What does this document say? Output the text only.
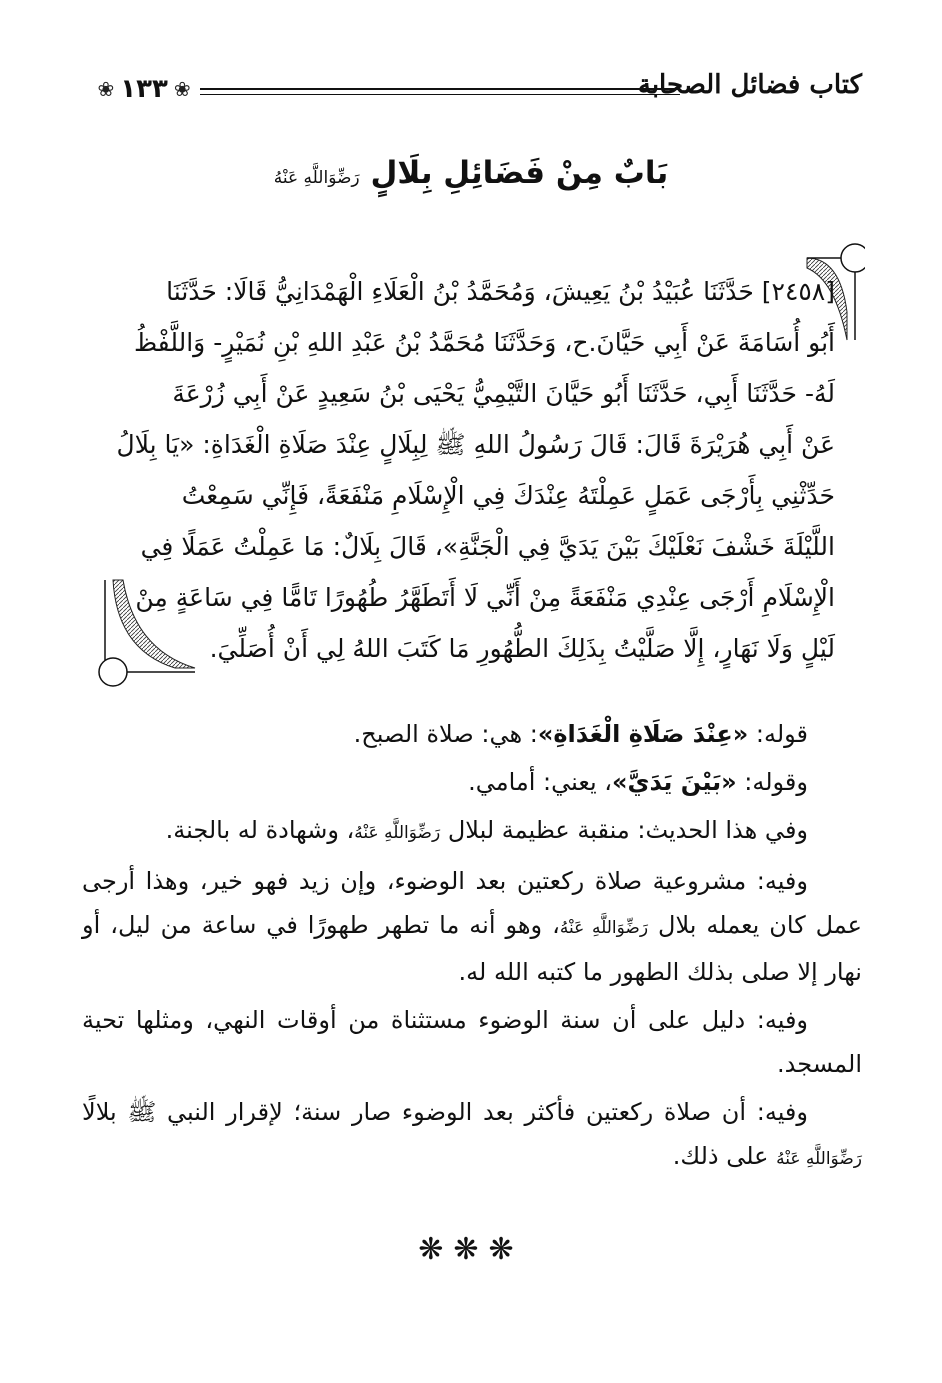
كتاب فضائل الصحابة
❀
١٣٣
❀
بَابٌ مِنْ فَضَائِلِ بِلَالٍ رَضِّوَاللَّهِ عَنْهُ
[٢٤٥٨] حَدَّثَنَا عُبَيْدُ بْنُ يَعِيشَ، وَمُحَمَّدُ بْنُ الْعَلَاءِ الْهَمْدَانِيُّ قَالَا: حَدَّثَنَا
أَبُو أُسَامَةَ عَنْ أَبِي حَيَّانَ.ح، وَحَدَّثَنَا مُحَمَّدُ بْنُ عَبْدِ اللهِ بْنِ نُمَيْرٍ- وَاللَّفْظُ
لَهُ- حَدَّثَنَا أَبِي، حَدَّثَنَا أَبُو حَيَّانَ التَّيْمِيُّ يَحْيَى بْنُ سَعِيدٍ عَنْ أَبِي زُرْعَةَ
عَنْ أَبِي هُرَيْرَةَ قَالَ: قَالَ رَسُولُ اللهِ ﷺ لِبِلَالٍ عِنْدَ صَلَاةِ الْغَدَاةِ: «يَا بِلَالُ
حَدِّثْنِي بِأَرْجَى عَمَلٍ عَمِلْتَهُ عِنْدَكَ فِي الْإِسْلَامِ مَنْفَعَةً، فَإِنِّي سَمِعْتُ
اللَّيْلَةَ خَشْفَ نَعْلَيْكَ بَيْنَ يَدَيَّ فِي الْجَنَّةِ»، قَالَ بِلَالٌ: مَا عَمِلْتُ عَمَلًا فِي
الْإِسْلَامِ أَرْجَى عِنْدِي مَنْفَعَةً مِنْ أَنِّي لَا أَتَطَهَّرُ طُهُورًا تَامًّا فِي سَاعَةٍ مِنْ
لَيْلٍ وَلَا نَهَارٍ، إِلَّا صَلَّيْتُ بِذَلِكَ الطُّهُورِ مَا كَتَبَ اللهُ لِي أَنْ أُصَلِّيَ.

قوله: «عِنْدَ صَلَاةِ الْغَدَاةِ»: هي: صلاة الصبح.

وقوله: «بَيْنَ يَدَيَّ»، يعني: أمامي.

وفي هذا الحديث: منقبة عظيمة لبلال رَضِّوَاللَّهِ عَنْهُ، وشهادة له بالجنة.

وفيه: مشروعية صلاة ركعتين بعد الوضوء، وإن زيد فهو خير، وهذا أرجى عمل كان يعمله بلال رَضِّوَاللَّهِ عَنْهُ، وهو أنه ما تطهر طهورًا في ساعة من ليل، أو نهار إلا صلى بذلك الطهور ما كتبه الله له.

وفيه: دليل على أن سنة الوضوء مستثناة من أوقات النهي، ومثلها تحية المسجد.

وفيه: أن صلاة ركعتين فأكثر بعد الوضوء صار سنة؛ لإقرار النبي ﷺ بلالًا رَضِّوَاللَّهِ عَنْهُ على ذلك.

❋❋❋
